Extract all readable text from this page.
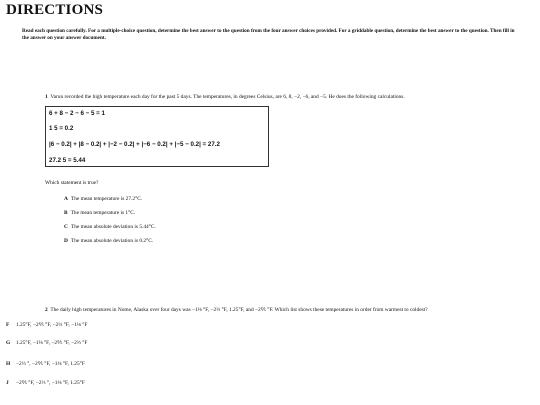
DIRECTIONS
Read each question carefully. For a multiple-choice question, determine the best answer to the question from the four answer choices provided. For a griddable question, determine the best answer to the question. Then fill in the answer on your answer document.
1 Varun recorded the high temperature each day for the past 5 days. The temperatures, in degrees Celsius, are 6, 8, −2, −6, and −5. He does the following calculations.
6 + 8 − 2 − 6 − 5 = 1
1 5 = 0.2
|6 − 0.2| + |8 − 0.2| + |−2 − 0.2| + |−6 − 0.2| + |−5 − 0.2| = 27.2
27.2 5 = 5.44
Which statement is true?
A The mean temperature is 27.2°C.
B The mean temperature is 1°C.
C The mean absolute deviation is 5.44°C.
D The mean absolute deviation is 0.2°C.
2 The daily high temperatures in Nome, Alaska over four days was −1⅛ °F, −2⅔ °F, 1.25°F, and −2⅖ °F. Which list shows these temperatures in order from warmest to coldest?
F 1.25°F, −2⅖ °F, −2⅔ °F, −1⅛ °F
G 1.25°F, −1⅛ °F, −2⅖ °F, −2⅔ °F
H −2⅔ °, −2⅖ °F, −1⅛ °F, 1.25°F
J −2⅖ °F, −2⅔ °, −1⅛ °F, 1.25°F
